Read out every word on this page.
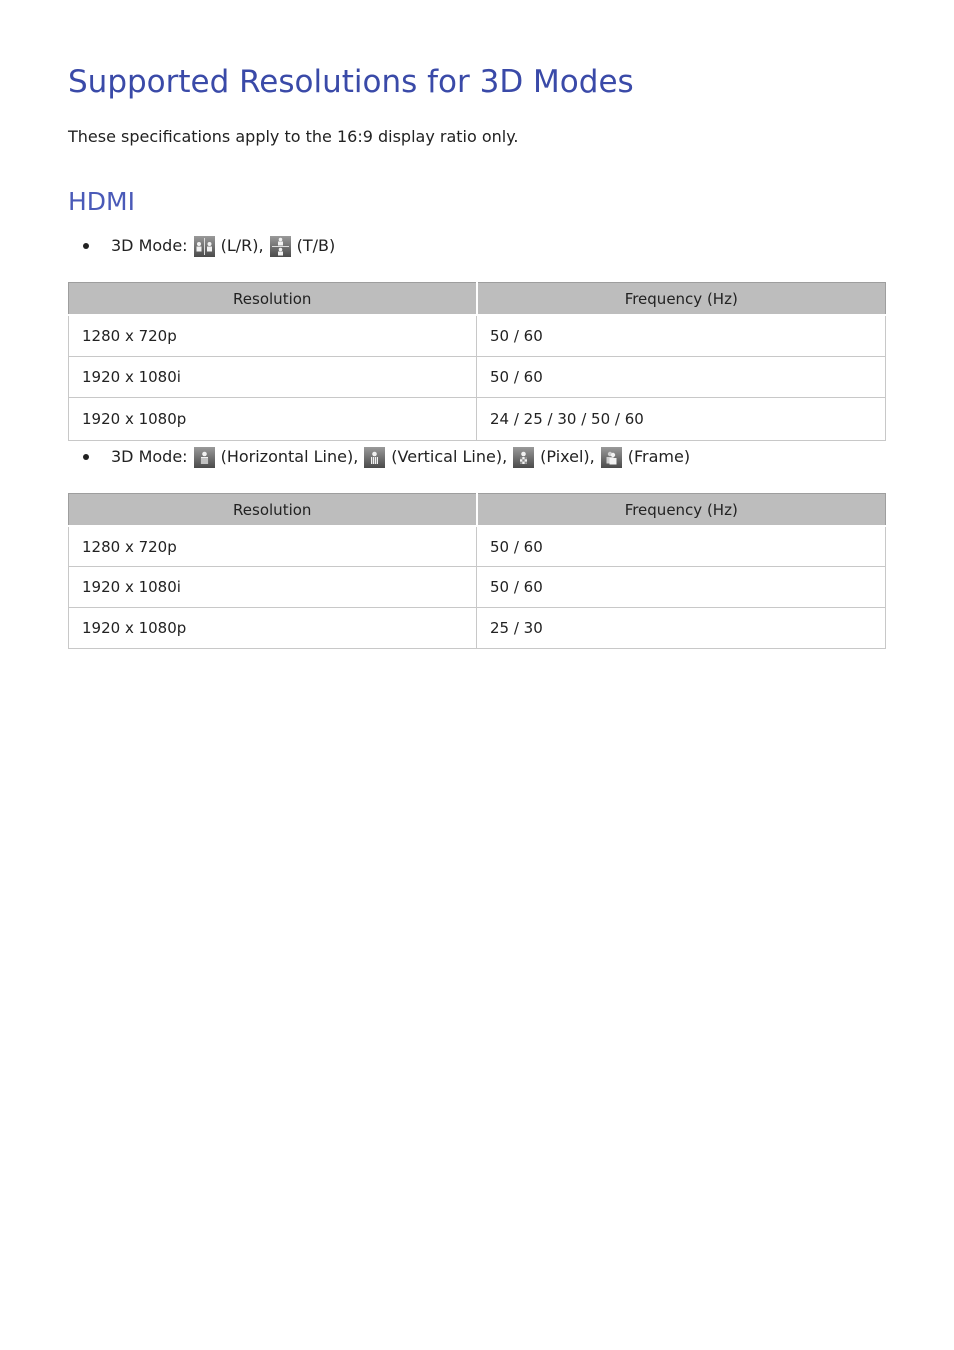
Supported Resolutions for 3D Modes

These specifications apply to the 16:9 display ratio only.

HDMI
3D Mode: (L/R), (T/B)
Resolution	Frequency (Hz)
1280 x 720p	50 / 60
1920 x 1080i	50 / 60
1920 x 1080p	24 / 25 / 30 / 50 / 60
3D Mode: (Horizontal Line), (Vertical Line), (Pixel), (Frame)
Resolution	Frequency (Hz)
1280 x 720p	50 / 60
1920 x 1080i	50 / 60
1920 x 1080p	25 / 30
